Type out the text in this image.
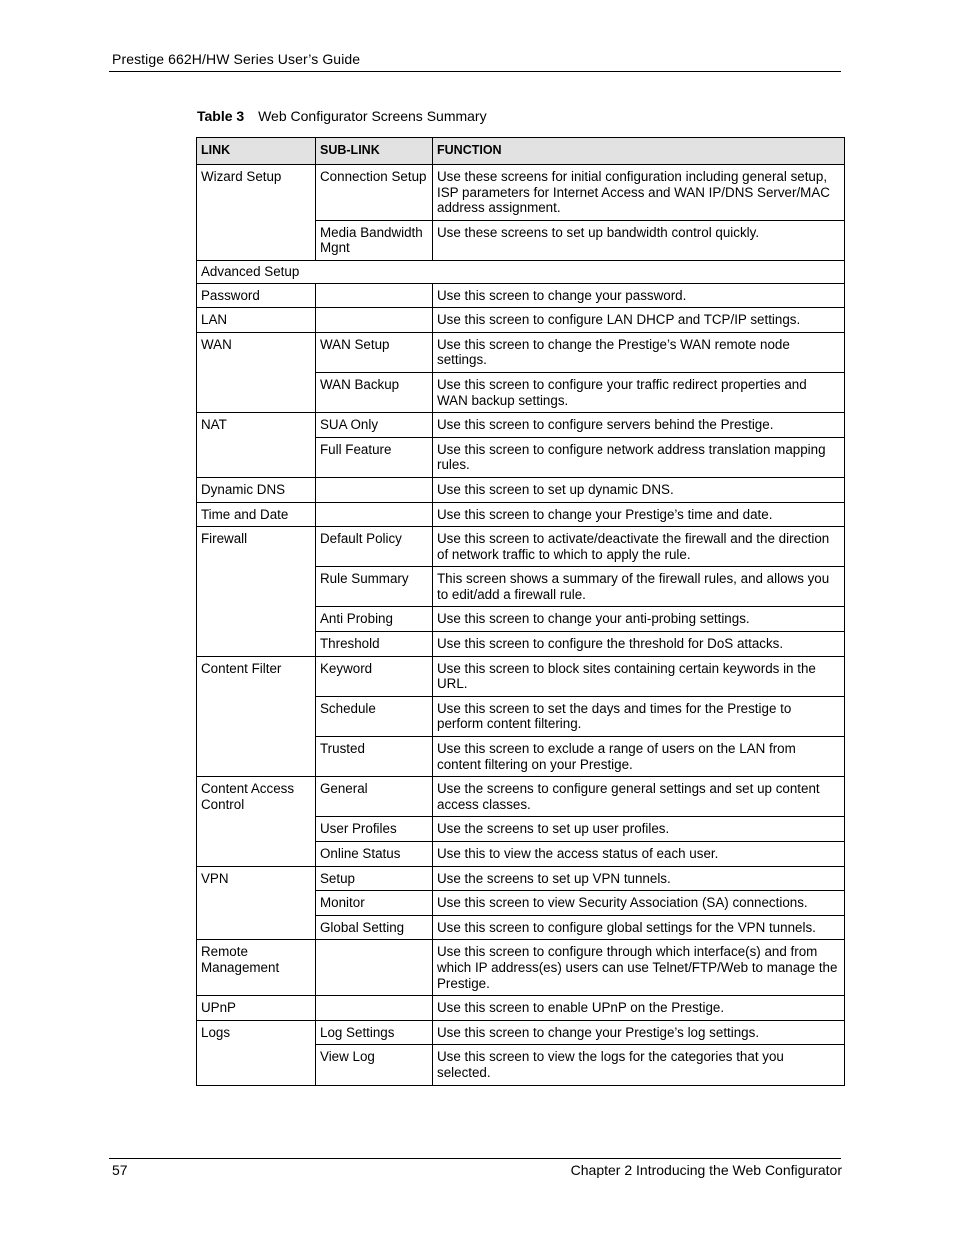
Prestige 662H/HW Series User’s Guide
Table 3 Web Configurator Screens Summary
LINK	SUB-LINK	FUNCTION
Wizard Setup	Connection Setup	Use these screens for initial configuration including general setup, ISP parameters for Internet Access and WAN IP/DNS Server/MAC address assignment.
	Media Bandwidth Mgnt	Use these screens to set up bandwidth control quickly.
Advanced Setup		
Password		Use this screen to change your password.
LAN		Use this screen to configure LAN DHCP and TCP/IP settings.
WAN	WAN Setup	Use this screen to change the Prestige’s WAN remote node settings.
	WAN Backup	Use this screen to configure your traffic redirect properties and WAN backup settings.
NAT	SUA Only	Use this screen to configure servers behind the Prestige.
	Full Feature	Use this screen to configure network address translation mapping rules.
Dynamic DNS		Use this screen to set up dynamic DNS.
Time and Date		Use this screen to change your Prestige’s time and date.
Firewall	Default Policy	Use this screen to activate/deactivate the firewall and the direction of network traffic to which to apply the rule.
	Rule Summary	This screen shows a summary of the firewall rules, and allows you to edit/add a firewall rule.
	Anti Probing	Use this screen to change your anti-probing settings.
	Threshold	Use this screen to configure the threshold for DoS attacks.
Content Filter	Keyword	Use this screen to block sites containing certain keywords in the URL.
	Schedule	Use this screen to set the days and times for the Prestige to perform content filtering.
	Trusted	Use this screen to exclude a range of users on the LAN from content filtering on your Prestige.
Content Access Control	General	Use the screens to configure general settings and set up content access classes.
	User Profiles	Use the screens to set up user profiles.
	Online Status	Use this to view the access status of each user.
VPN	Setup	Use the screens to set up VPN tunnels.
	Monitor	Use this screen to view Security Association (SA) connections.
	Global Setting	Use this screen to configure global settings for the VPN tunnels.
Remote Management		Use this screen to configure through which interface(s) and from which IP address(es) users can use Telnet/FTP/Web to manage the Prestige.
UPnP		Use this screen to enable UPnP on the Prestige.
Logs	Log Settings	Use this screen to change your Prestige’s log settings.
	View Log	Use this screen to view the logs for the categories that you selected.
57	Chapter 2 Introducing the Web Configurator
